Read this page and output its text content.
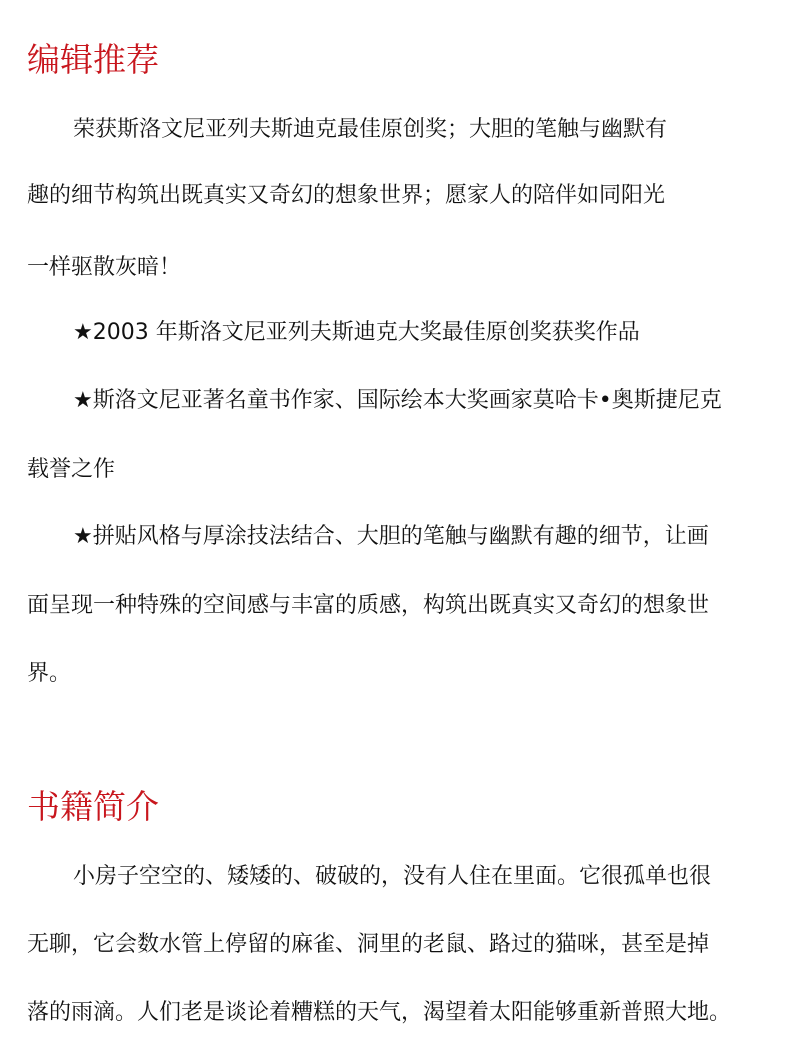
编辑推荐

荣获斯洛文尼亚列夫斯迪克最佳原创奖；大胆的笔触与幽默有

趣的细节构筑出既真实又奇幻的想象世界；愿家人的陪伴如同阳光

一样驱散灰暗！

★2003 年斯洛文尼亚列夫斯迪克大奖最佳原创奖获奖作品

★斯洛文尼亚著名童书作家、国际绘本大奖画家莫哈卡•奥斯捷尼克

载誉之作

★拼贴风格与厚涂技法结合、大胆的笔触与幽默有趣的细节，让画

面呈现一种特殊的空间感与丰富的质感，构筑出既真实又奇幻的想象世

界。

书籍简介

小房子空空的、矮矮的、破破的，没有人住在里面。它很孤单也很

无聊，它会数水管上停留的麻雀、洞里的老鼠、路过的猫咪，甚至是掉

落的雨滴。人们老是谈论着糟糕的天气，渴望着太阳能够重新普照大地。
